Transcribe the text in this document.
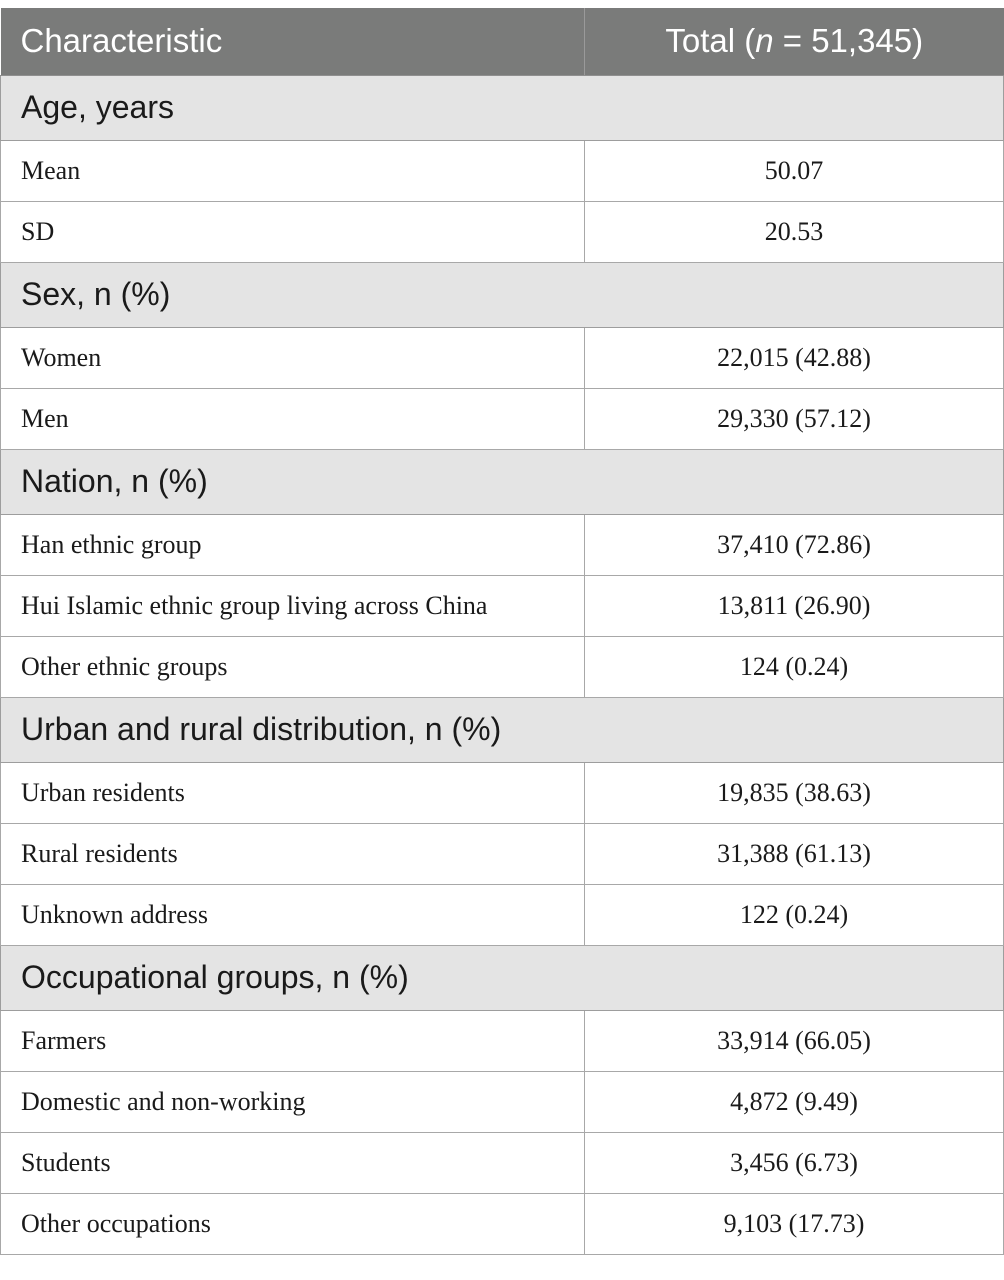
Characteristic	Total (n = 51,345)
Age, years	
Mean	50.07
SD	20.53
Sex, n (%)	
Women	22,015 (42.88)
Men	29,330 (57.12)
Nation, n (%)	
Han ethnic group	37,410 (72.86)
Hui Islamic ethnic group living across China	13,811 (26.90)
Other ethnic groups	124 (0.24)
Urban and rural distribution, n (%)	
Urban residents	19,835 (38.63)
Rural residents	31,388 (61.13)
Unknown address	122 (0.24)
Occupational groups, n (%)	
Farmers	33,914 (66.05)
Domestic and non-working	4,872 (9.49)
Students	3,456 (6.73)
Other occupations	9,103 (17.73)
